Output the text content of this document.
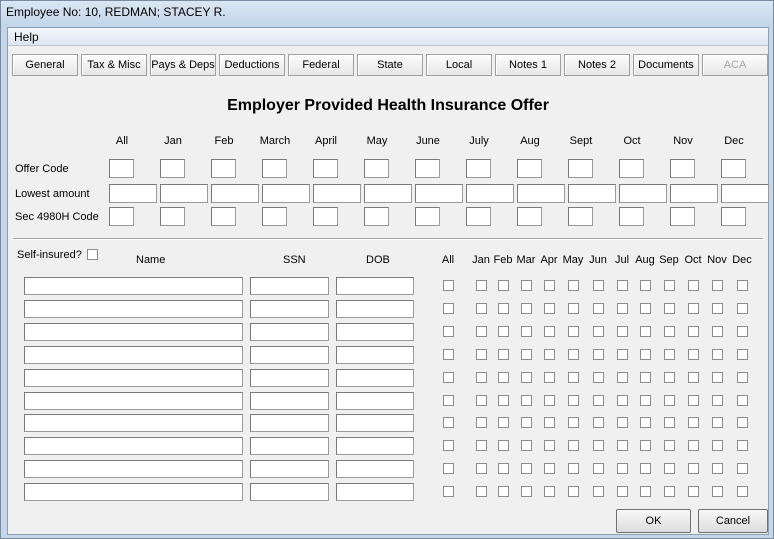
Employee No: 10, REDMAN; STACEY R.
Help
General	Tax & Misc Pays & Deps Deductions	Federal	State	Local	Notes 1	Notes 2	Documents	ACA
Employer Provided Health Insurance Offer
All	Jan	Feb	March	April	May	June	July	Aug	Sept	Oct	Nov	Dec
Offer Code
Lowest amount
Sec 4980H Code
Self-insured?	Name	SSN	DOB	All	Jan Feb Mar Apr May Jun Jul Aug Sep Oct Nov Dec
OK	Cancel
